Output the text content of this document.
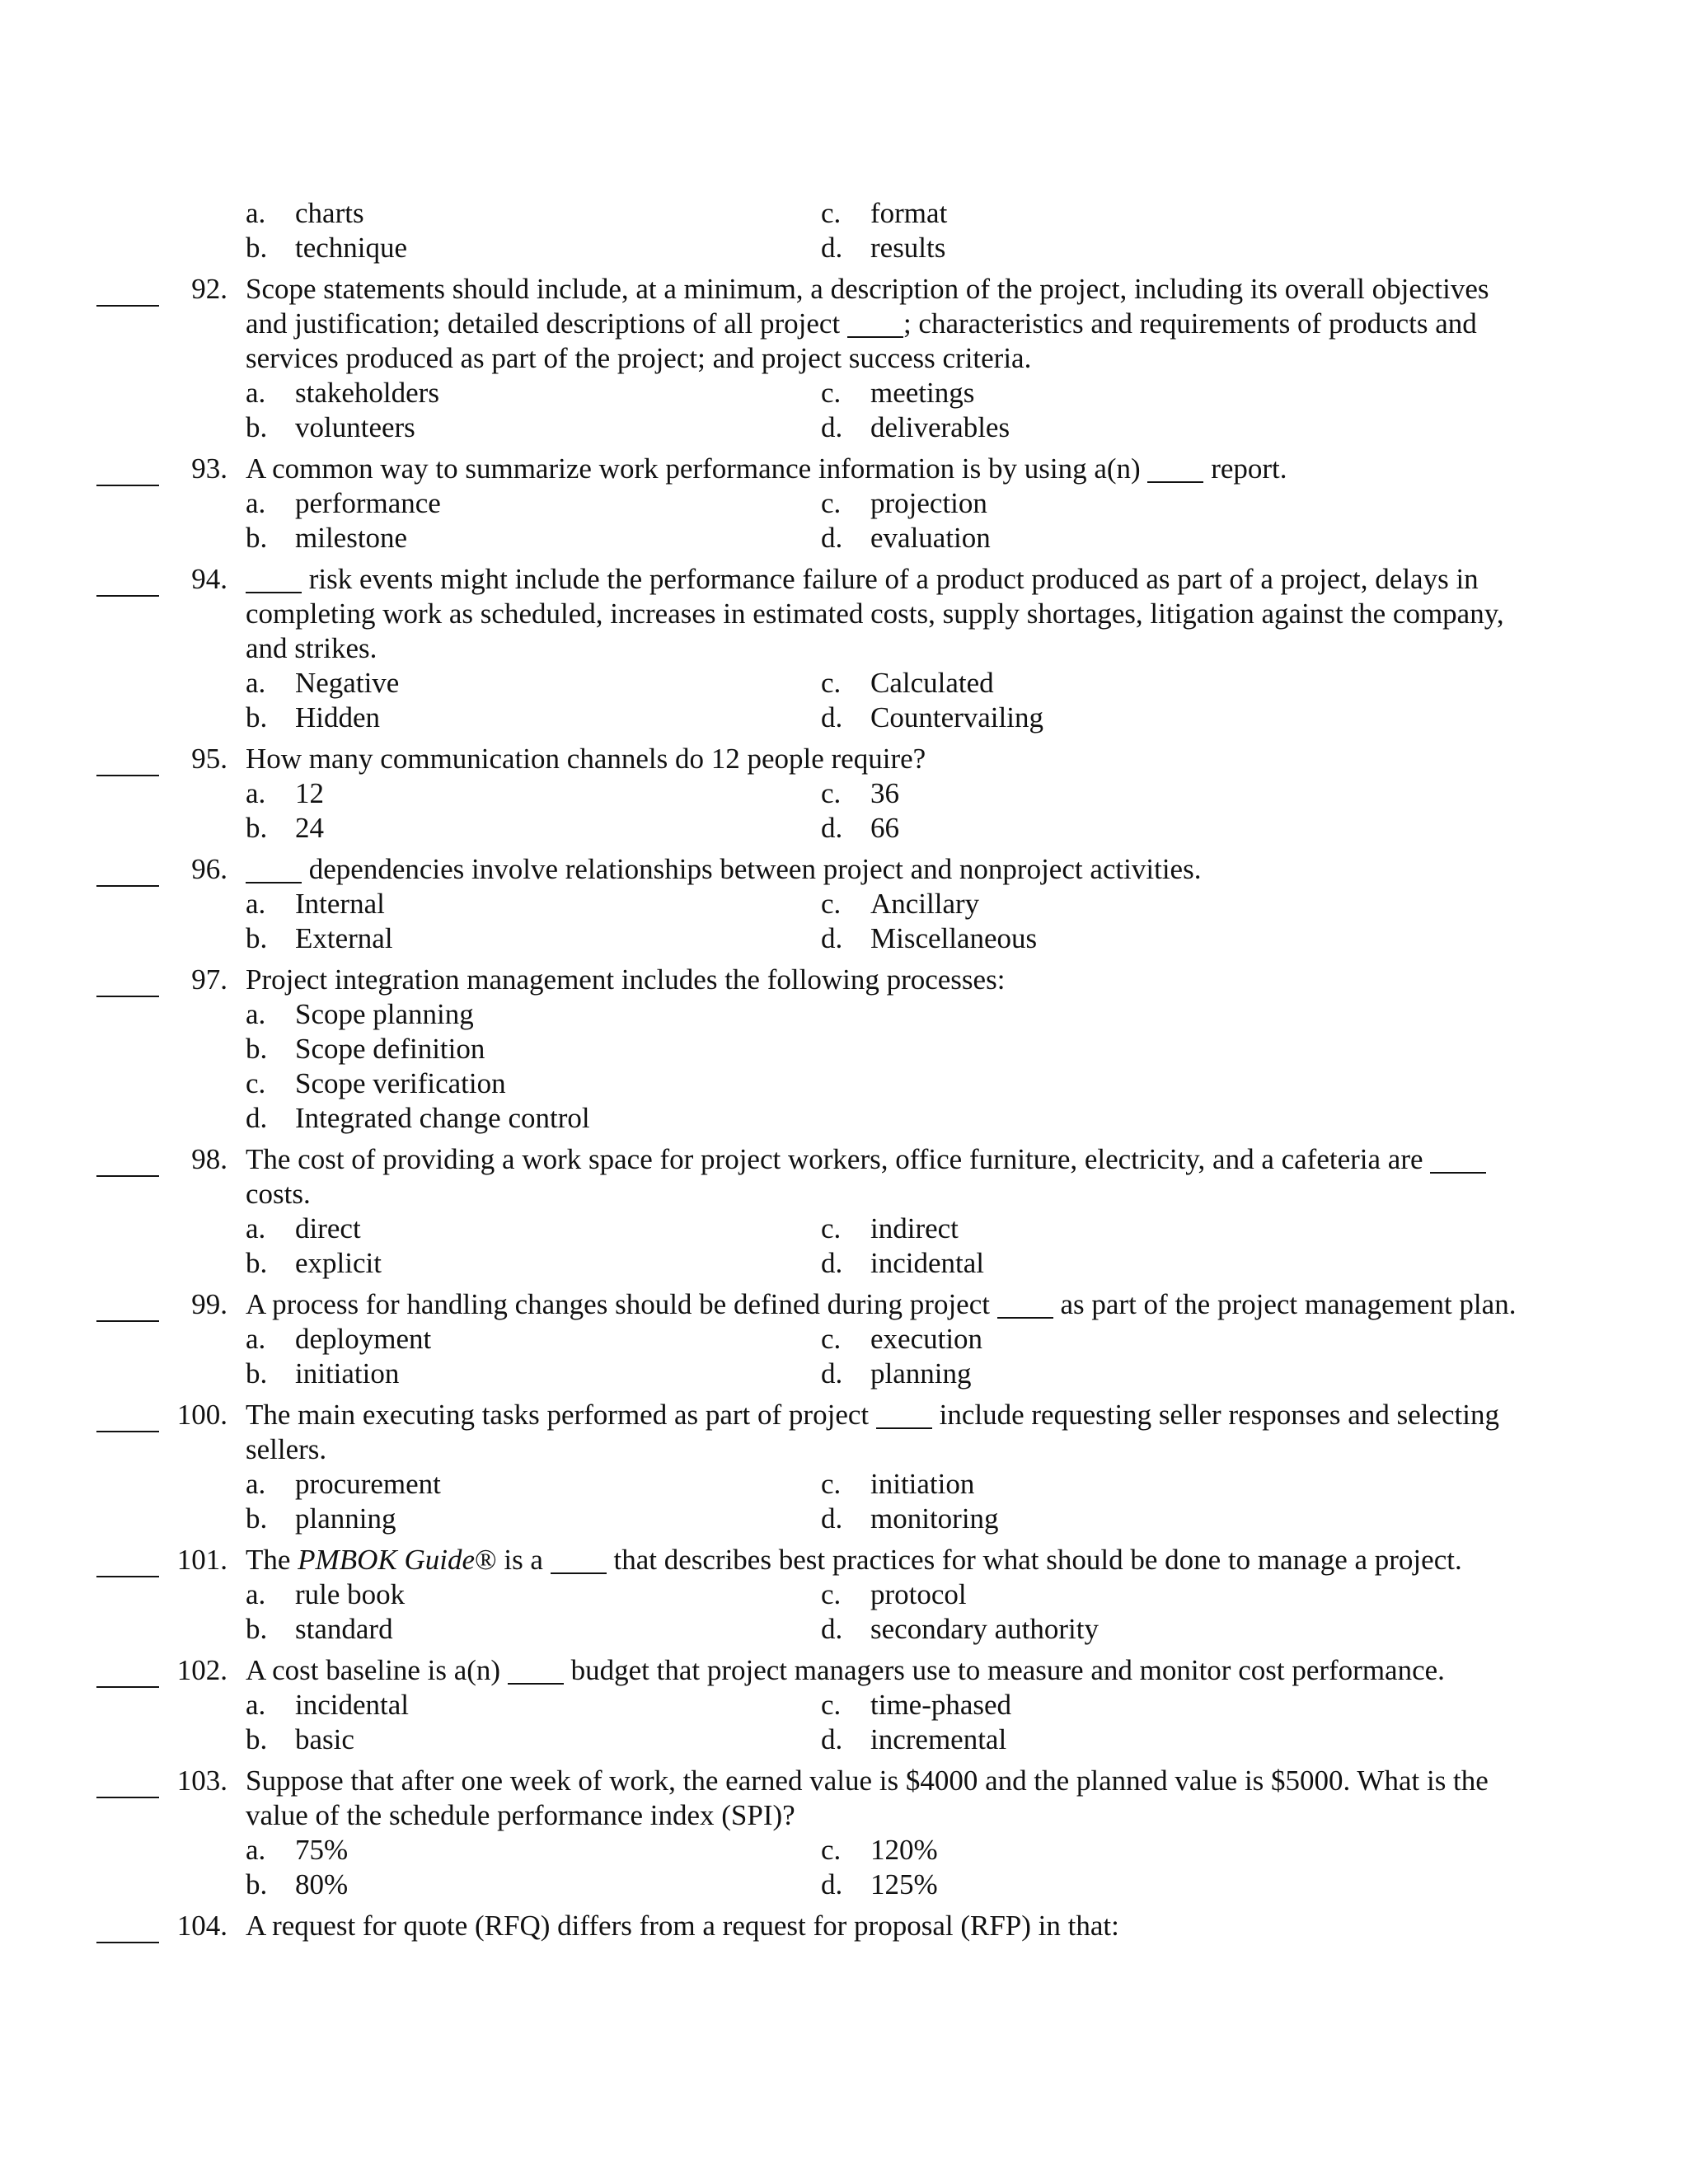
a. charts	c. format
b. technique	d. results
92. Scope statements should include, at a minimum, a description of the project, including its overall objectives
and justification; detailed descriptions of all project ; characteristics and requirements of products and
services produced as part of the project; and project success criteria.
a. stakeholders	c. meetings
b. volunteers	d. deliverables
93. A common way to summarize work performance information is by using a(n)  report.
a. performance	c. projection
b. milestone	d. evaluation
94.	risk events might include the performance failure of a product produced as part of a project, delays in
completing work as scheduled, increases in estimated costs, supply shortages, litigation against the company,
and strikes.
a. Negative	c. Calculated
b. Hidden	d. Countervailing
95. How many communication channels do 12 people require?
a. 12	c. 36
b. 24	d. 66
96.	dependencies involve relationships between project and nonproject activities.
a. Internal	c. Ancillary
b. External	d. Miscellaneous
97. Project integration management includes the following processes:
a. Scope planning
b. Scope definition
c. Scope verification
d. Integrated change control
98. The cost of providing a work space for project workers, office furniture, electricity, and a cafeteria are
costs.
a. direct	c. indirect
b. explicit	d. incidental
99. A process for handling changes should be defined during project  as part of the project management plan.
a. deployment	c. execution
b. initiation	d. planning
100. The main executing tasks performed as part of project  include requesting seller responses and selecting
sellers.
a. procurement	c. initiation
b. planning	d. monitoring
101. The PMBOK Guide® is a  that describes best practices for what should be done to manage a project.
a. rule book	c. protocol
b. standard	d. secondary authority
102. A cost baseline is a(n)  budget that project managers use to measure and monitor cost performance.
a. incidental	c. time-phased
b. basic	d. incremental
103. Suppose that after one week of work, the earned value is $4000 and the planned value is $5000. What is the
value of the schedule performance index (SPI)?
a. 75%	c. 120%
b. 80%	d. 125%
104. A request for quote (RFQ) differs from a request for proposal (RFP) in that:
